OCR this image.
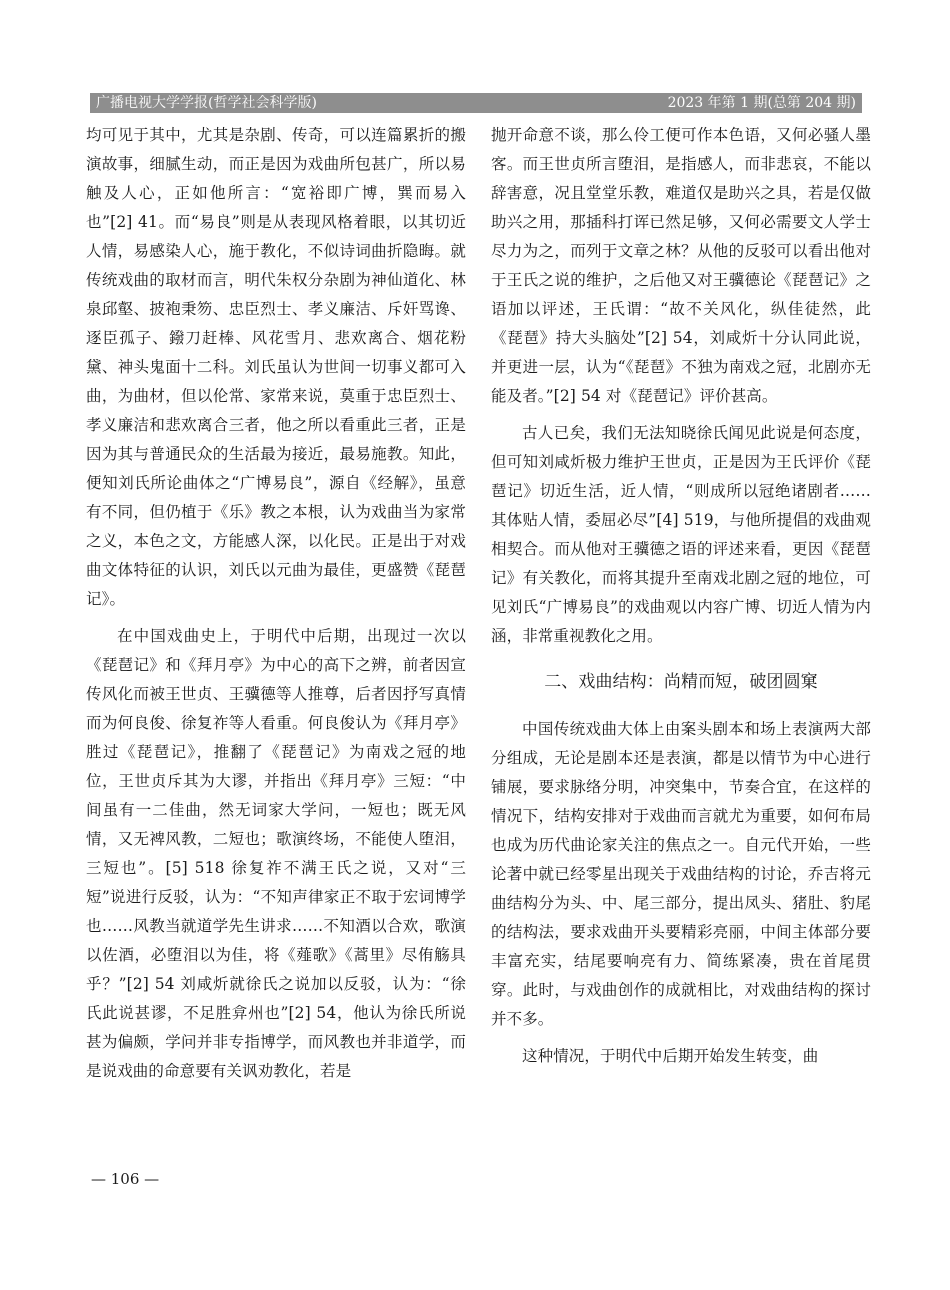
广播电视大学学报(哲学社会科学版)	2023 年第 1 期(总第 204 期)

均可见于其中，尤其是杂剧、传奇，可以连篇累折的搬演故事，细腻生动，而正是因为戏曲所包甚广，所以易触及人心，正如他所言：“宽裕即广博，巽而易入也”[2] 41。而“易良”则是从表现风格着眼，以其切近人情，易感染人心，施于教化，不似诗词曲折隐晦。就传统戏曲的取材而言，明代朱权分杂剧为神仙道化、林泉邱壑、披袍秉笏、忠臣烈士、孝义廉洁、斥奸骂谗、逐臣孤子、鏺刀赶棒、风花雪月、悲欢离合、烟花粉黛、神头鬼面十二科。刘氏虽认为世间一切事义都可入曲，为曲材，但以伦常、家常来说，莫重于忠臣烈士、孝义廉洁和悲欢离合三者，他之所以看重此三者，正是因为其与普通民众的生活最为接近，最易施教。知此，便知刘氏所论曲体之“广博易良”，源自《经解》，虽意有不同，但仍植于《乐》教之本根，认为戏曲当为家常之义，本色之文，方能感人深，以化民。正是出于对戏曲文体特征的认识，刘氏以元曲为最佳，更盛赞《琵琶记》。

在中国戏曲史上，于明代中后期，出现过一次以《琵琶记》和《拜月亭》为中心的高下之辨，前者因宣传风化而被王世贞、王骥德等人推尊，后者因抒写真情而为何良俊、徐复祚等人看重。何良俊认为《拜月亭》胜过《琵琶记》，推翻了《琵琶记》为南戏之冠的地位，王世贞斥其为大谬，并指出《拜月亭》三短：“中间虽有一二佳曲，然无词家大学问，一短也；既无风情，又无裨风教，二短也；歌演终场，不能使人堕泪，三短也”。[5] 518 徐复祚不满王氏之说，又对“三短”说进行反驳，认为：“不知声律家正不取于宏词博学也……风教当就道学先生讲求……不知酒以合欢，歌演以佐酒，必堕泪以为佳，将《薤歌》《蒿里》尽侑觞具乎？”[2] 54 刘咸炘就徐氏之说加以反驳，认为：“徐氏此说甚谬，不足胜弇州也”[2] 54，他认为徐氏所说甚为偏颇，学问并非专指博学，而风教也并非道学，而是说戏曲的命意要有关讽劝教化，若是

抛开命意不谈，那么伶工便可作本色语，又何必骚人墨客。而王世贞所言堕泪，是指感人，而非悲哀，不能以辞害意，况且堂堂乐教，难道仅是助兴之具，若是仅做助兴之用，那插科打诨已然足够，又何必需要文人学士尽力为之，而列于文章之林？从他的反驳可以看出他对于王氏之说的维护，之后他又对王骥德论《琵琶记》之语加以评述，王氏谓：“故不关风化，纵佳徒然，此《琵琶》持大头脑处”[2] 54，刘咸炘十分认同此说，并更进一层，认为“《琵琶》不独为南戏之冠，北剧亦无能及者。”[2] 54 对《琵琶记》评价甚高。

古人已矣，我们无法知晓徐氏闻见此说是何态度，但可知刘咸炘极力维护王世贞，正是因为王氏评价《琵琶记》切近生活，近人情，“则成所以冠绝诸剧者……其体贴人情，委屈必尽”[4] 519，与他所提倡的戏曲观相契合。而从他对王骥德之语的评述来看，更因《琵琶记》有关教化，而将其提升至南戏北剧之冠的地位，可见刘氏“广博易良”的戏曲观以内容广博、切近人情为内涵，非常重视教化之用。

二、戏曲结构：尚精而短，破团圆窠

中国传统戏曲大体上由案头剧本和场上表演两大部分组成，无论是剧本还是表演，都是以情节为中心进行铺展，要求脉络分明，冲突集中，节奏合宜，在这样的情况下，结构安排对于戏曲而言就尤为重要，如何布局也成为历代曲论家关注的焦点之一。自元代开始，一些论著中就已经零星出现关于戏曲结构的讨论，乔吉将元曲结构分为头、中、尾三部分，提出凤头、猪肚、豹尾的结构法，要求戏曲开头要精彩亮丽，中间主体部分要丰富充实，结尾要响亮有力、简练紧凑，贵在首尾贯穿。此时，与戏曲创作的成就相比，对戏曲结构的探讨并不多。

这种情况，于明代中后期开始发生转变，曲

— 106 —
